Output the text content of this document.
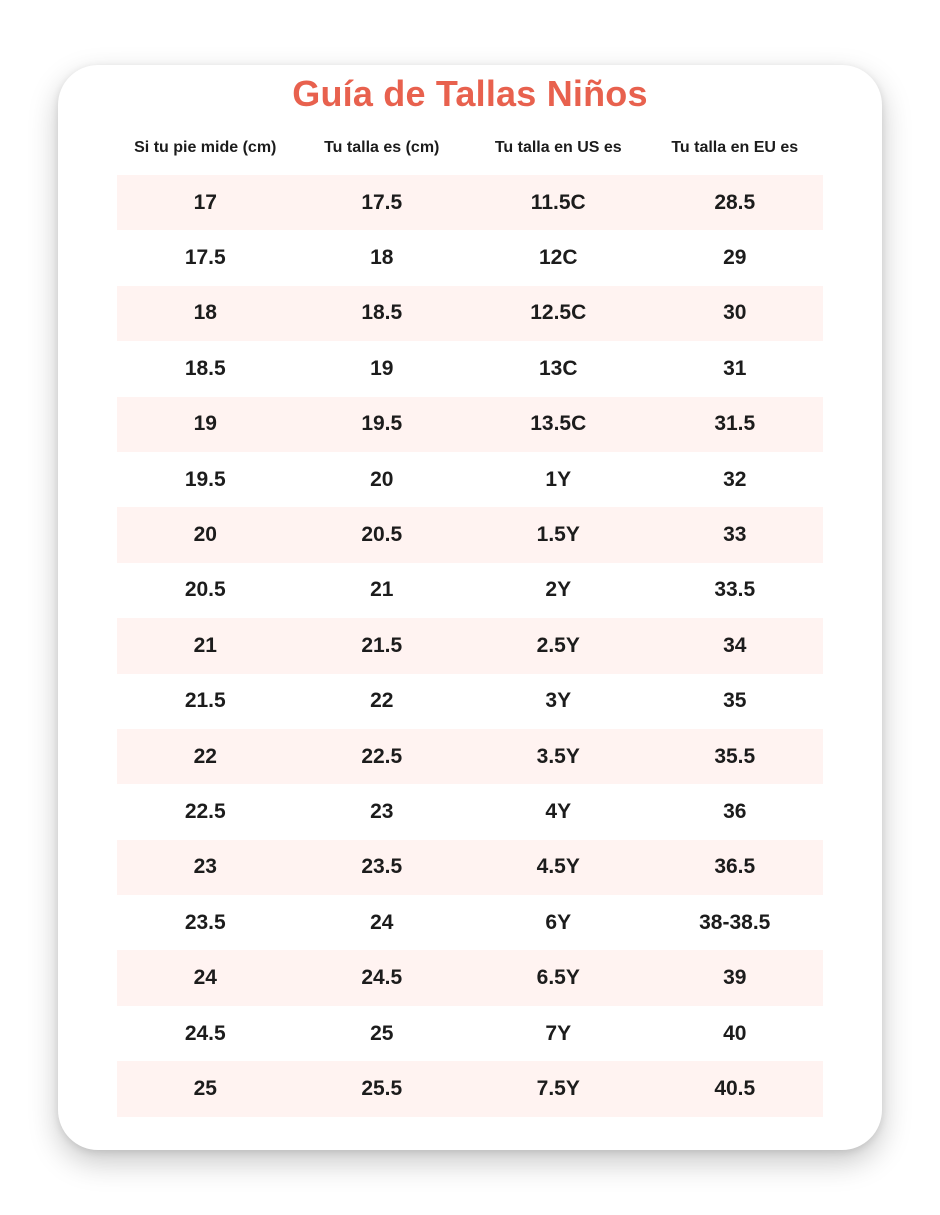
Guía de Tallas Niños
Si tu pie mide (cm)	Tu talla es (cm)	Tu talla en US es	Tu talla en EU es
17	17.5	11.5C	28.5
17.5	18	12C	29
18	18.5	12.5C	30
18.5	19	13C	31
19	19.5	13.5C	31.5
19.5	20	1Y	32
20	20.5	1.5Y	33
20.5	21	2Y	33.5
21	21.5	2.5Y	34
21.5	22	3Y	35
22	22.5	3.5Y	35.5
22.5	23	4Y	36
23	23.5	4.5Y	36.5
23.5	24	6Y	38-38.5
24	24.5	6.5Y	39
24.5	25	7Y	40
25	25.5	7.5Y	40.5
